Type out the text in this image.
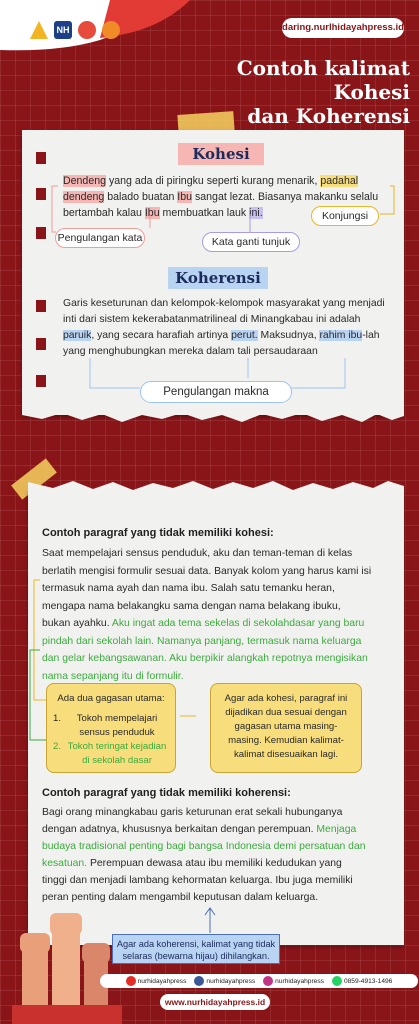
NH	daring.nurlhidayahpress.id
Contoh kalimat Kohesi
dan Koherensi
Kohesi

Dendeng yang ada di piringku seperti kurang menarik, padahal

dendeng balado buatan Ibu sangat lezat. Biasanya makanku selalu

bertambah kalau Ibu membuatkan lauk ini.

Pengulangan kata	Kata ganti tunjuk
Konjungsi
Koherensi

Garis keseturunan dan kelompok-kelompok masyarakat yang menjadi

inti dari sistem kekerabatanmatrilineal di Minangkabau ini adalah

paruik, yang secara harafiah artinya perut. Maksudnya, rahim ibu-lah

yang menghubungkan mereka dalam tali persaudaraan

Pengulangan makna
Contoh paragraf yang tidak memiliki kohesi:

Saat mempelajari sensus penduduk, aku dan teman-teman di kelas

berlatih mengisi formulir sesuai data. Banyak kolom yang harus kami isi

termasuk nama ayah dan nama ibu. Salah satu temanku heran,

mengapa nama belakangku sama dengan nama belakang ibuku,

bukan ayahku. Aku ingat ada tema sekelas di sekolahdasar yang baru

pindah dari sekolah lain. Namanya panjang, termasuk nama keluarga

dan gelar kebangsawanan. Aku berpikir alangkah repotnya mengisikan

nama sepanjang itu di formulir.

Ada dua gagasan utama:
1.	Tokoh mempelajari sensus penduduk
2. Tokoh teringat kejadian di sekolah dasar
Agar ada kohesi, paragraf ini dijadikan dua sesuai dengan gagasan utama masing-masing. Kemudian kalimat-kalimat disesuaikan lagi.
Contoh paragraf yang tidak memiliki koherensi:

Bagi orang minangkabau garis keturunan erat sekali hubunganya

dengan adatnya, khususnya berkaitan dengan perempuan. Menjaga

budaya tradisional penting bagi bangsa Indonesia demi persatuan dan

kesatuan. Perempuan dewasa atau ibu memiliki kedudukan yang

tinggi dan menjadi lambang kehormatan keluarga. Ibu juga memiliki

peran penting dalam mengambil keputusan dalam keluarga.

Agar ada koherensi, kalimat yang tidak selaras (bewarna hijau) dihilangkan.
nurhidayahpress	nurhidayahpress	nurhidayahpress	0859-4913-1496
www.nurhidayahpress.id
